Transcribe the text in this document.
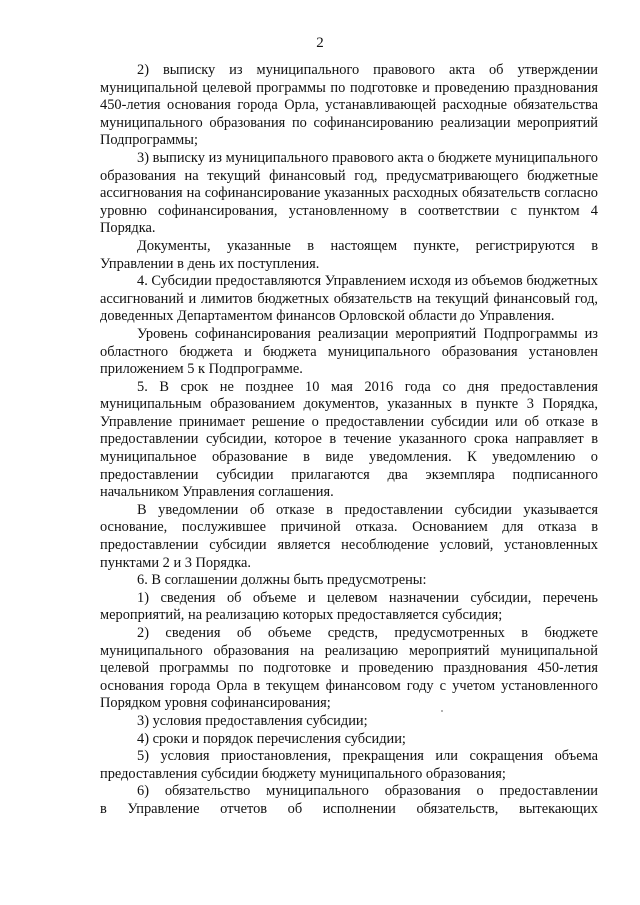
2

2) выписку из муниципального правового акта об утверждении муниципальной целевой программы по подготовке и проведению празднования 450-летия основания города Орла, устанавливающей расходные обязательства муниципального образования по софинансированию реализации мероприятий Подпрограммы;

3) выписку из муниципального правового акта о бюджете муниципального образования на текущий финансовый год, предусматривающего бюджетные ассигнования на софинансирование указанных расходных обязательств согласно уровню софинансирования, установленному в соответствии с пунктом 4 Порядка.

Документы, указанные в настоящем пункте, регистрируются в Управлении в день их поступления.

4. Субсидии предоставляются Управлением исходя из объемов бюджетных ассигнований и лимитов бюджетных обязательств на текущий финансовый год, доведенных Департаментом финансов Орловской области до Управления.

Уровень софинансирования реализации мероприятий Подпрограммы из областного бюджета и бюджета муниципального образования установлен приложением 5 к Подпрограмме.

5. В срок не позднее 10 мая 2016 года со дня предоставления муниципальным образованием документов, указанных в пункте 3 Порядка, Управление принимает решение о предоставлении субсидии или об отказе в предоставлении субсидии, которое в течение указанного срока направляет в муниципальное образование в виде уведомления. К уведомлению о предоставлении субсидии прилагаются два экземпляра подписанного начальником Управления соглашения.

В уведомлении об отказе в предоставлении субсидии указывается основание, послужившее причиной отказа. Основанием для отказа в предоставлении субсидии является несоблюдение условий, установленных пунктами 2 и 3 Порядка.

6. В соглашении должны быть предусмотрены:

1) сведения об объеме и целевом назначении субсидии, перечень мероприятий, на реализацию которых предоставляется субсидия;

2) сведения об объеме средств, предусмотренных в бюджете муниципального образования на реализацию мероприятий муниципальной целевой программы по подготовке и проведению празднования 450-летия основания города Орла в текущем финансовом году с учетом установленного Порядком уровня софинансирования;

3) условия предоставления субсидии;

4) сроки и порядок перечисления субсидии;

5) условия приостановления, прекращения или сокращения объема предоставления субсидии бюджету муниципального образования;

6) обязательство муниципального образования о предоставлении

в Управление отчетов об исполнении обязательств, вытекающих
